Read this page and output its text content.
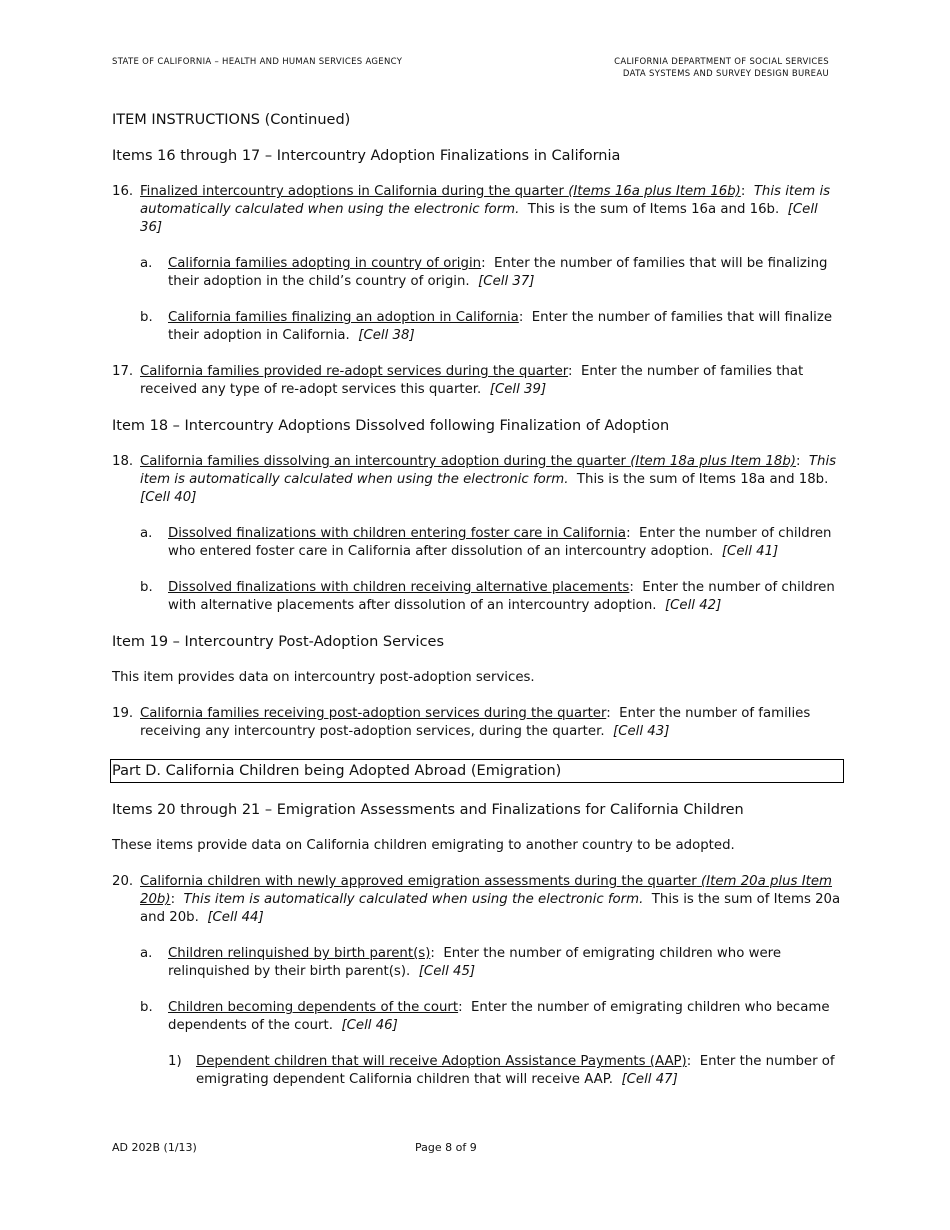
STATE OF CALIFORNIA – HEALTH AND HUMAN SERVICES AGENCY	CALIFORNIA DEPARTMENT OF SOCIAL SERVICES
DATA SYSTEMS AND SURVEY DESIGN BUREAU
ITEM INSTRUCTIONS (Continued)
Items 16 through 17 – Intercountry Adoption Finalizations in California
16. Finalized intercountry adoptions in California during the quarter (Items 16a plus Item 16b):  This item is automatically calculated when using the electronic form. This is the sum of Items 16a and 16b. [Cell 36]
a. California families adopting in country of origin:  Enter the number of families that will be finalizing their adoption in the child’s country of origin. [Cell 37]
b. California families finalizing an adoption in California:  Enter the number of families that will finalize their adoption in California. [Cell 38]
17. California families provided re-adopt services during the quarter:  Enter the number of families that received any type of re-adopt services this quarter. [Cell 39]
Item 18 – Intercountry Adoptions Dissolved following Finalization of Adoption
18. California families dissolving an intercountry adoption during the quarter (Item 18a plus Item 18b):  This item is automatically calculated when using the electronic form. This is the sum of Items 18a and 18b.  [Cell 40]
a. Dissolved finalizations with children entering foster care in California:  Enter the number of children who entered foster care in California after dissolution of an intercountry adoption. [Cell 41]
b. Dissolved finalizations with children receiving alternative placements:  Enter the number of children with alternative placements after dissolution of an intercountry adoption. [Cell 42]
Item 19 – Intercountry Post-Adoption Services
This item provides data on intercountry post-adoption services.
19. California families receiving post-adoption services during the quarter:  Enter the number of families receiving any intercountry post-adoption services, during the quarter. [Cell 43]
Part D. California Children being Adopted Abroad (Emigration)
Items 20 through 21 – Emigration Assessments and Finalizations for California Children
These items provide data on California children emigrating to another country to be adopted.
20. California children with newly approved emigration assessments during the quarter (Item 20a plus Item 20b):  This item is automatically calculated when using the electronic form. This is the sum of Items 20a and 20b. [Cell 44]
a. Children relinquished by birth parent(s):  Enter the number of emigrating children who were relinquished by their birth parent(s). [Cell 45]
b. Children becoming dependents of the court:  Enter the number of emigrating children who became dependents of the court. [Cell 46]
1) Dependent children that will receive Adoption Assistance Payments (AAP):  Enter the number of emigrating dependent California children that will receive AAP. [Cell 47]
AD 202B (1/13)	Page 8 of 9
